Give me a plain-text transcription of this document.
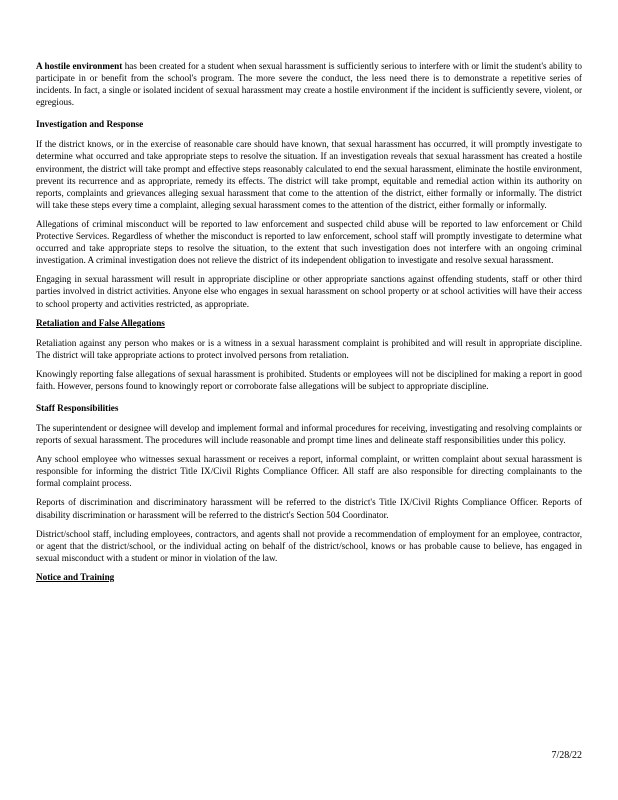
A hostile environment has been created for a student when sexual harassment is sufficiently serious to interfere with or limit the student's ability to participate in or benefit from the school's program. The more severe the conduct, the less need there is to demonstrate a repetitive series of incidents. In fact, a single or isolated incident of sexual harassment may create a hostile environment if the incident is sufficiently severe, violent, or egregious.

Investigation and Response

If the district knows, or in the exercise of reasonable care should have known, that sexual harassment has occurred, it will promptly investigate to determine what occurred and take appropriate steps to resolve the situation. If an investigation reveals that sexual harassment has created a hostile environment, the district will take prompt and effective steps reasonably calculated to end the sexual harassment, eliminate the hostile environment, prevent its recurrence and as appropriate, remedy its effects. The district will take prompt, equitable and remedial action within its authority on reports, complaints and grievances alleging sexual harassment that come to the attention of the district, either formally or informally. The district will take these steps every time a complaint, alleging sexual harassment comes to the attention of the district, either formally or informally.

Allegations of criminal misconduct will be reported to law enforcement and suspected child abuse will be reported to law enforcement or Child Protective Services. Regardless of whether the misconduct is reported to law enforcement, school staff will promptly investigate to determine what occurred and take appropriate steps to resolve the situation, to the extent that such investigation does not interfere with an ongoing criminal investigation. A criminal investigation does not relieve the district of its independent obligation to investigate and resolve sexual harassment.

Engaging in sexual harassment will result in appropriate discipline or other appropriate sanctions against offending students, staff or other third parties involved in district activities. Anyone else who engages in sexual harassment on school property or at school activities will have their access to school property and activities restricted, as appropriate.

Retaliation and False Allegations

Retaliation against any person who makes or is a witness in a sexual harassment complaint is prohibited and will result in appropriate discipline. The district will take appropriate actions to protect involved persons from retaliation.

Knowingly reporting false allegations of sexual harassment is prohibited. Students or employees will not be disciplined for making a report in good faith. However, persons found to knowingly report or corroborate false allegations will be subject to appropriate discipline.

Staff Responsibilities

The superintendent or designee will develop and implement formal and informal procedures for receiving, investigating and resolving complaints or reports of sexual harassment. The procedures will include reasonable and prompt time lines and delineate staff responsibilities under this policy.

Any school employee who witnesses sexual harassment or receives a report, informal complaint, or written complaint about sexual harassment is responsible for informing the district Title IX/Civil Rights Compliance Officer. All staff are also responsible for directing complainants to the formal complaint process.

Reports of discrimination and discriminatory harassment will be referred to the district's Title IX/Civil Rights Compliance Officer. Reports of disability discrimination or harassment will be referred to the district's Section 504 Coordinator.

District/school staff, including employees, contractors, and agents shall not provide a recommendation of employment for an employee, contractor, or agent that the district/school, or the individual acting on behalf of the district/school, knows or has probable cause to believe, has engaged in sexual misconduct with a student or minor in violation of the law.

Notice and Training
7/28/22
